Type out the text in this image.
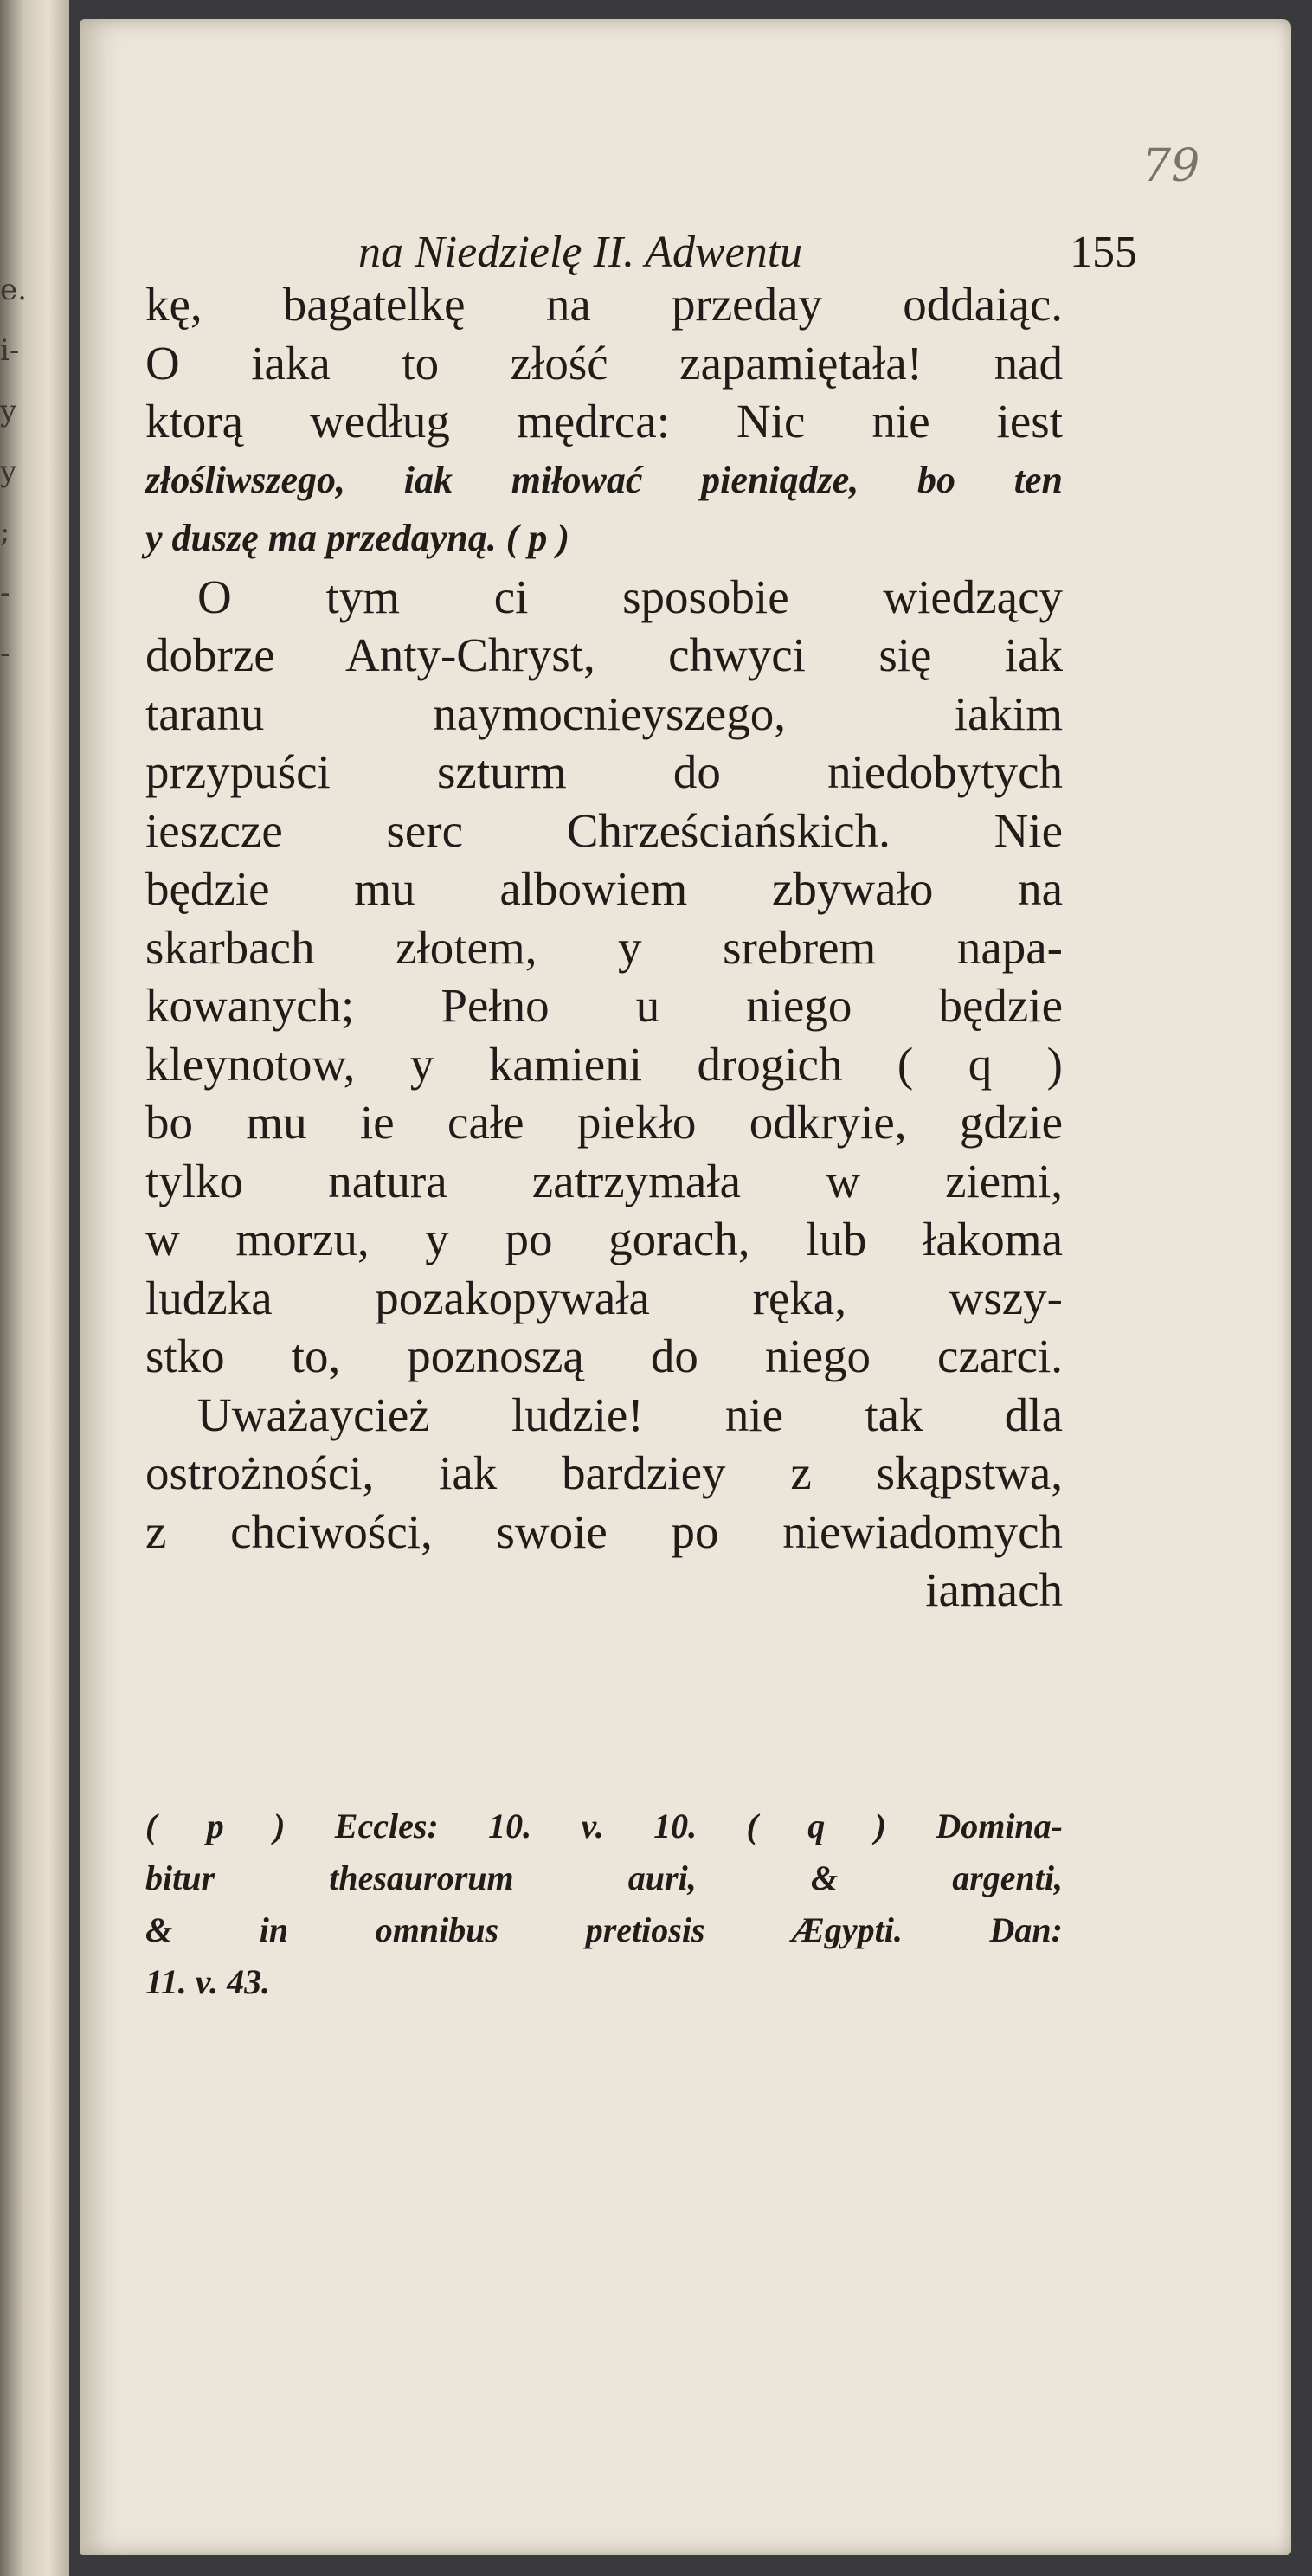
e.
i-
y
y
;
-
-
79
na Niedzielę II. Adwentu	155
kę, bagatelkę na przeday oddaiąc.
O iaka to złość zapamiętała! nad
ktorą według mędrca: Nic nie iest
złośliwszego, iak miłować pieniądze, bo ten
y duszę ma przedayną. ( p )
O tym ci sposobie wiedzący
dobrze Anty-Chryst, chwyci się iak
taranu naymocnieyszego, iakim
przypuści szturm do niedobytych
ieszcze serc Chrześciańskich. Nie
będzie mu albowiem zbywało na
skarbach złotem, y srebrem napa-
kowanych; Pełno u niego będzie
kleynotow, y kamieni drogich ( q )
bo mu ie całe piekło odkryie, gdzie
tylko natura zatrzymała w ziemi,
w morzu, y po gorach, lub łakoma
ludzka pozakopywała ręka, wszy-
stko to, poznoszą do niego czarci.
Uważaycież ludzie! nie tak dla
ostrożności, iak bardziey z skąpstwa,
z chciwości, swoie po niewiadomych
iamach
( p ) Eccles: 10. v. 10. ( q ) Domina-
bitur thesaurorum auri, & argenti,
& in omnibus pretiosis Ægypti. Dan:
11. v. 43.
